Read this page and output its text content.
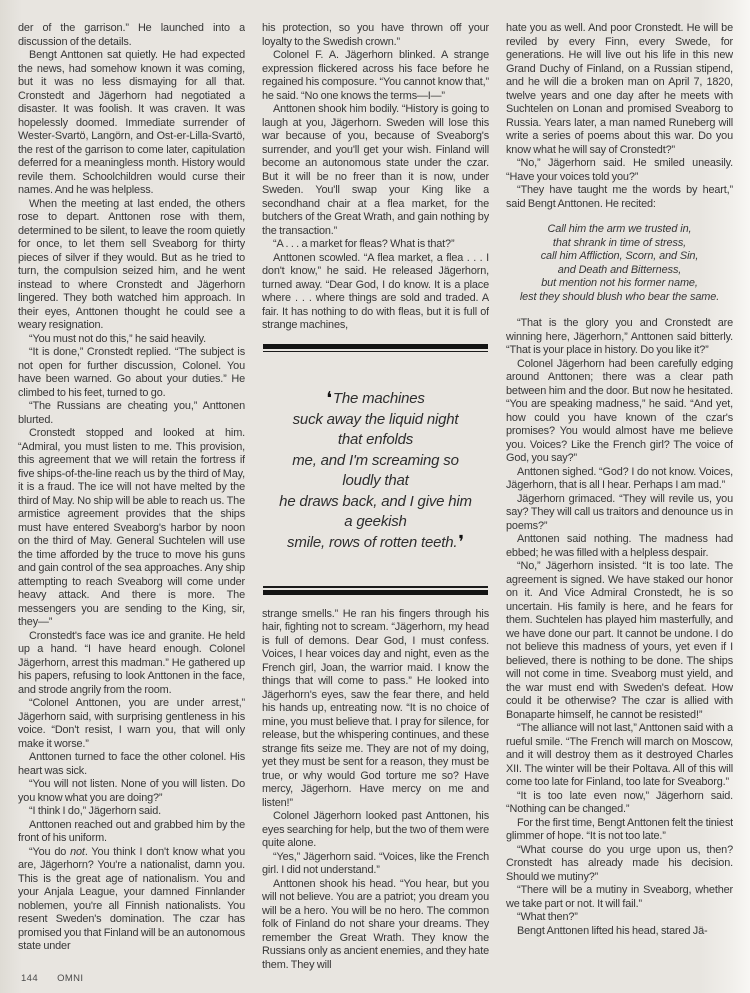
der of the garrison.” He launched into a discussion of the details.

Bengt Anttonen sat quietly. He had expected the news, had somehow known it was coming, but it was no less dismaying for all that. Cronstedt and Jägerhorn had negotiated a disaster. It was foolish. It was craven. It was hopelessly doomed. Immediate surrender of Wester-Svartö, Langörn, and Ost-er-Lilla-Svartö, the rest of the garrison to come later, capitulation deferred for a meaningless month. History would revile them. Schoolchildren would curse their names. And he was helpless.

When the meeting at last ended, the others rose to depart. Anttonen rose with them, determined to be silent, to leave the room quietly for once, to let them sell Sveaborg for thirty pieces of silver if they would. But as he tried to turn, the compulsion seized him, and he went instead to where Cronstedt and Jägerhorn lingered. They both watched him approach. In their eyes, Anttonen thought he could see a weary resignation.

“You must not do this,” he said heavily.

“It is done,” Cronstedt replied. “The subject is not open for further discussion, Colonel. You have been warned. Go about your duties.” He climbed to his feet, turned to go.

“The Russians are cheating you,” Anttonen blurted.

Cronstedt stopped and looked at him. “Admiral, you must listen to me. This provision, this agreement that we will retain the fortress if five ships-of-the-line reach us by the third of May, it is a fraud. The ice will not have melted by the third of May. No ship will be able to reach us. The armistice agreement provides that the ships must have entered Sveaborg's harbor by noon on the third of May. General Suchtelen will use the time afforded by the truce to move his guns and gain control of the sea approaches. Any ship attempting to reach Sveaborg will come under heavy attack. And there is more. The messengers you are sending to the King, sir, they—”

Cronstedt's face was ice and granite. He held up a hand. “I have heard enough. Colonel Jägerhorn, arrest this madman.” He gathered up his papers, refusing to look Anttonen in the face, and strode angrily from the room.

“Colonel Anttonen, you are under arrest,” Jägerhorn said, with surprising gentleness in his voice. “Don't resist, I warn you, that will only make it worse.”

Anttonen turned to face the other colonel. His heart was sick.

“You will not listen. None of you will listen. Do you know what you are doing?”

“I think I do,” Jägerhorn said.

Anttonen reached out and grabbed him by the front of his uniform.

“You do not. You think I don't know what you are, Jägerhorn? You're a nationalist, damn you. This is the great age of nationalism. You and your Anjala League, your damned Finnlander noblemen, you're all Finnish nationalists. You resent Sweden's domination. The czar has promised you that Finland will be an autonomous state under

his protection, so you have thrown off your loyalty to the Swedish crown.”

Colonel F. A. Jägerhorn blinked. A strange expression flickered across his face before he regained his composure. “You cannot know that,” he said. “No one knows the terms—I—”

Anttonen shook him bodily. “History is going to laugh at you, Jägerhorn. Sweden will lose this war because of you, because of Sveaborg's surrender, and you'll get your wish. Finland will become an autonomous state under the czar. But it will be no freer than it is now, under Sweden. You'll swap your King like a secondhand chair at a flea market, for the butchers of the Great Wrath, and gain nothing by the transaction.”

“A . . . a market for fleas? What is that?”

Anttonen scowled. “A flea market, a flea . . . I don't know,” he said. He released Jägerhorn, turned away. “Dear God, I do know. It is a place where . . . where things are sold and traded. A fair. It has nothing to do with fleas, but it is full of strange machines,

❛The machines
suck away the liquid night
that enfolds
me, and I'm screaming so
loudly that
he draws back, and I give him
a geekish
smile, rows of rotten teeth.❜

strange smells.” He ran his fingers through his hair, fighting not to scream. “Jägerhorn, my head is full of demons. Dear God, I must confess. Voices, I hear voices day and night, even as the French girl, Joan, the warrior maid. I know the things that will come to pass.” He looked into Jägerhorn's eyes, saw the fear there, and held his hands up, entreating now. “It is no choice of mine, you must believe that. I pray for silence, for release, but the whispering continues, and these strange fits seize me. They are not of my doing, yet they must be sent for a reason, they must be true, or why would God torture me so? Have mercy, Jägerhorn. Have mercy on me and listen!”

Colonel Jägerhorn looked past Anttonen, his eyes searching for help, but the two of them were quite alone.

“Yes,” Jägerhorn said. “Voices, like the French girl. I did not understand.”

Anttonen shook his head. “You hear, but you will not believe. You are a patriot; you dream you will be a hero. You will be no hero. The common folk of Finland do not share your dreams. They remember the Great Wrath. They know the Russians only as ancient enemies, and they hate them. They will

hate you as well. And poor Cronstedt. He will be reviled by every Finn, every Swede, for generations. He will live out his life in this new Grand Duchy of Finland, on a Russian stipend, and he will die a broken man on April 7, 1820, twelve years and one day after he meets with Suchtelen on Lonan and promised Sveaborg to Russia. Years later, a man named Runeberg will write a series of poems about this war. Do you know what he will say of Cronstedt?”

“No,” Jägerhorn said. He smiled uneasily. “Have your voices told you?”

“They have taught me the words by heart,” said Bengt Anttonen. He recited:

Call him the arm we trusted in,
that shrank in time of stress,
call him Affliction, Scorn, and Sin,
and Death and Bitterness,
but mention not his former name,
lest they should blush who bear the same.

“That is the glory you and Cronstedt are winning here, Jägerhorn,” Anttonen said bitterly. “That is your place in history. Do you like it?”

Colonel Jägerhorn had been carefully edging around Anttonen; there was a clear path between him and the door. But now he hesitated. “You are speaking madness,” he said. “And yet, how could you have known of the czar's promises? You would almost have me believe you. Voices? Like the French girl? The voice of God, you say?”

Anttonen sighed. “God? I do not know. Voices, Jägerhorn, that is all I hear. Perhaps I am mad.”

Jägerhorn grimaced. “They will revile us, you say? They will call us traitors and denounce us in poems?”

Anttonen said nothing. The madness had ebbed; he was filled with a helpless despair.

“No,” Jägerhorn insisted. “It is too late. The agreement is signed. We have staked our honor on it. And Vice Admiral Cronstedt, he is so uncertain. His family is here, and he fears for them. Suchtelen has played him masterfully, and we have done our part. It cannot be undone. I do not believe this madness of yours, yet even if I believed, there is nothing to be done. The ships will not come in time. Sveaborg must yield, and the war must end with Sweden's defeat. How could it be otherwise? The czar is allied with Bonaparte himself, he cannot be resisted!”

“The alliance will not last,” Anttonen said with a rueful smile. “The French will march on Moscow, and it will destroy them as it destroyed Charles XII. The winter will be their Poltava. All of this will come too late for Finland, too late for Sveaborg.”

“It is too late even now,” Jägerhorn said. “Nothing can be changed.”

For the first time, Bengt Anttonen felt the tiniest glimmer of hope. “It is not too late.”

“What course do you urge upon us, then? Cronstedt has already made his decision. Should we mutiny?”

“There will be a mutiny in Sveaborg, whether we take part or not. It will fail.”

“What then?”

Bengt Anttonen lifted his head, stared Jä-

144 OMNI
